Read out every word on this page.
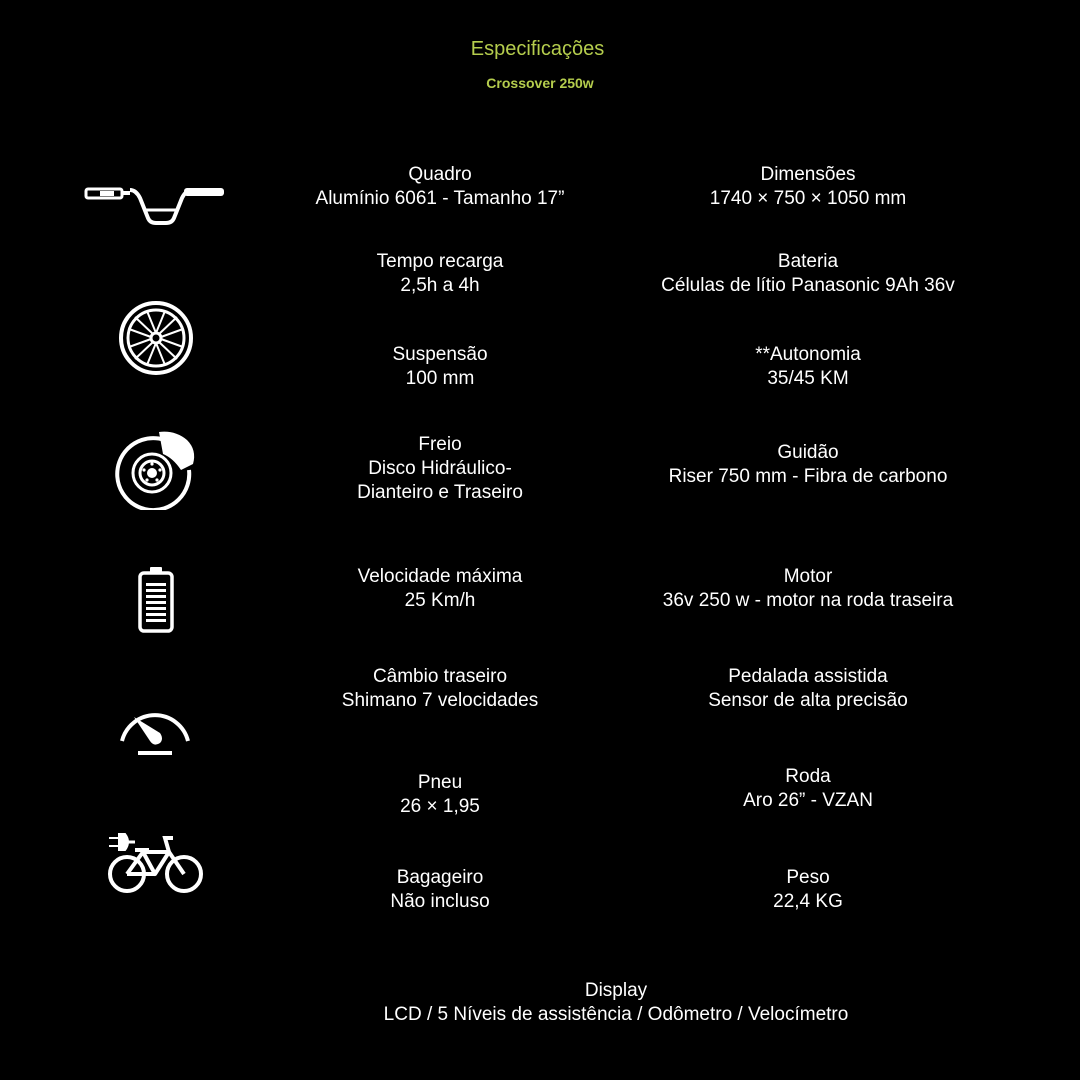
Especificações
Crossover 250w
Quadro
Alumínio 6061 - Tamanho 17”
Tempo recarga
2,5h a 4h
Suspensão
100 mm
Freio
Disco Hidráulico-
Dianteiro e Traseiro
Velocidade máxima
25 Km/h
Câmbio traseiro
Shimano 7 velocidades
Pneu
26 × 1,95
Bagageiro
Não incluso
Dimensões
1740 × 750 × 1050 mm
Bateria
Células de lítio Panasonic 9Ah 36v
**Autonomia
35/45 KM
Guidão
Riser 750 mm - Fibra de carbono
Motor
36v 250 w - motor na roda traseira
Pedalada assistida
Sensor de alta precisão
Roda
Aro 26” - VZAN
Peso
22,4 KG
Display
LCD / 5 Níveis de assistência / Odômetro / Velocímetro
